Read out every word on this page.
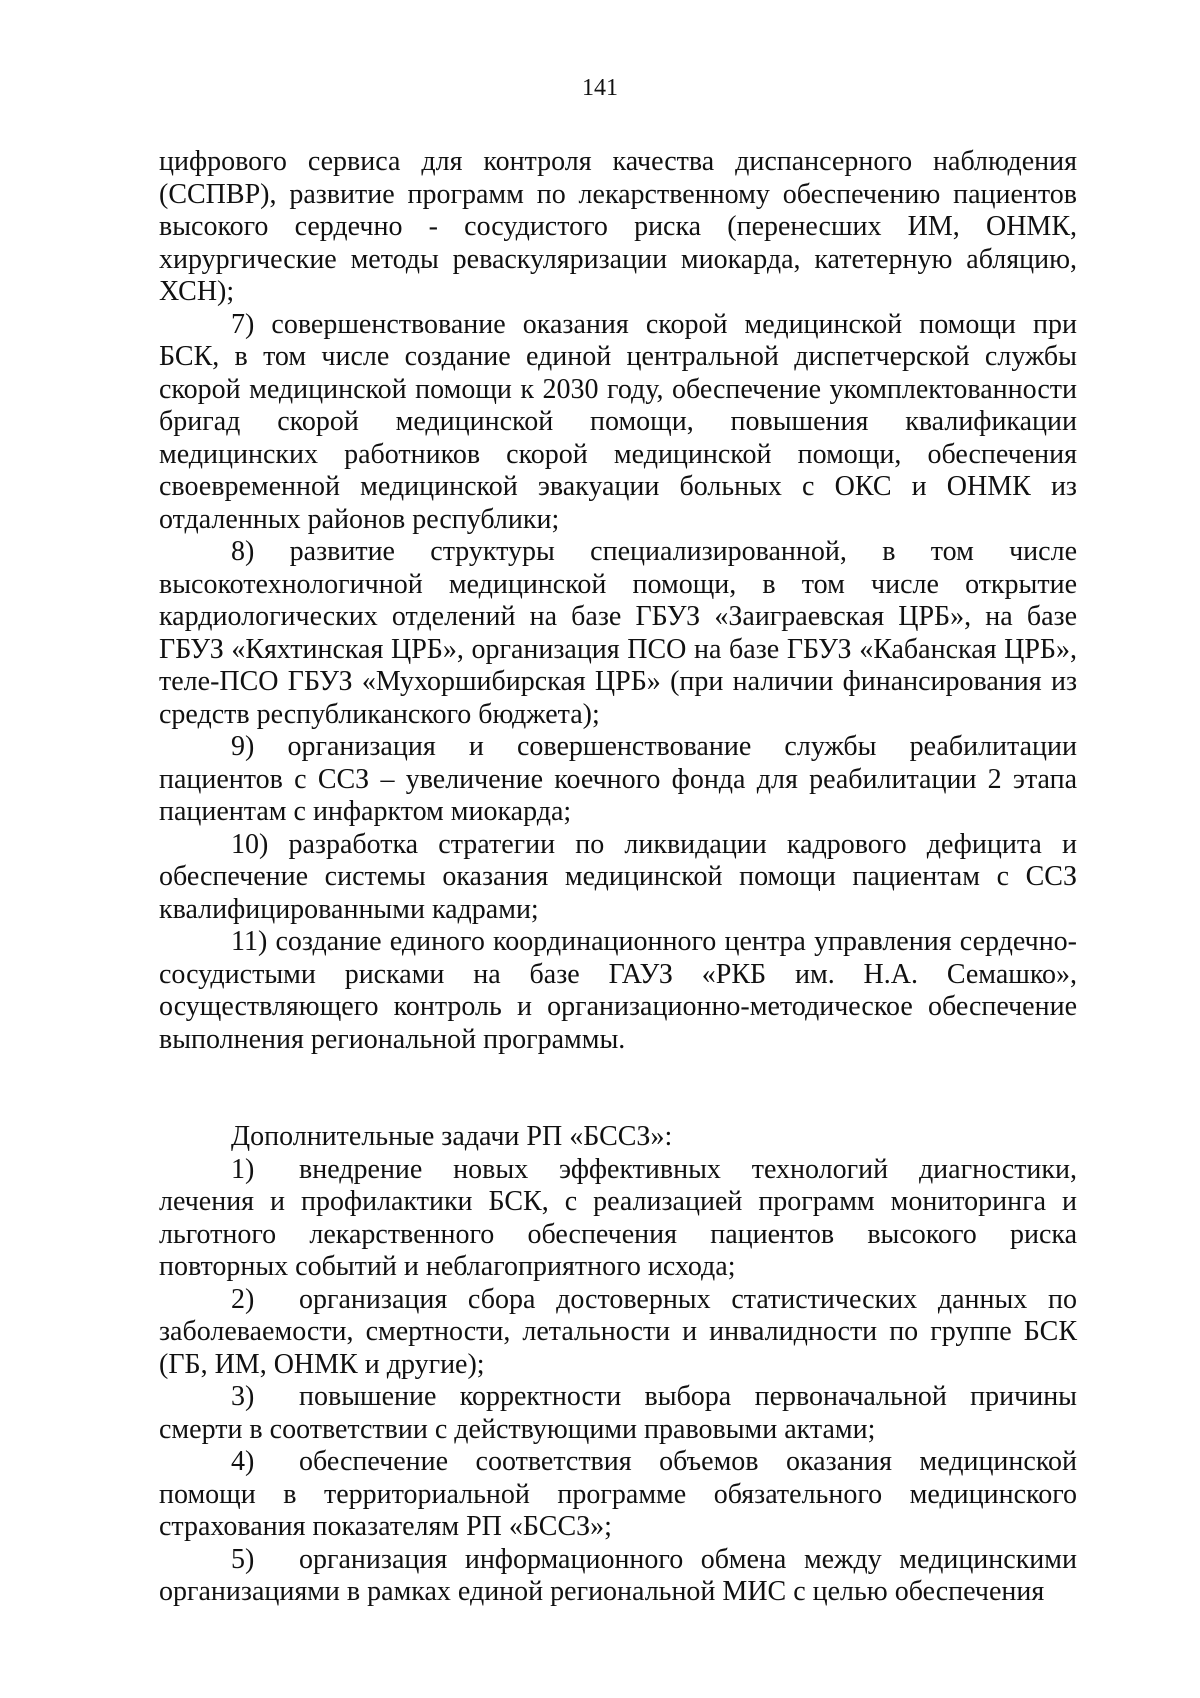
141

цифрового сервиса для контроля качества диспансерного наблюдения (ССПВР), развитие программ по лекарственному обеспечению пациентов высокого сердечно - сосудистого риска (перенесших ИМ, ОНМК, хирургические методы реваскуляризации миокарда, катетерную абляцию, ХСН);

7) совершенствование оказания скорой медицинской помощи при БСК, в том числе создание единой центральной диспетчерской службы скорой медицинской помощи к 2030 году, обеспечение укомплектованности бригад скорой медицинской помощи, повышения квалификации медицинских работников скорой медицинской помощи, обеспечения своевременной медицинской эвакуации больных с ОКС и ОНМК из отдаленных районов республики;

8) развитие структуры специализированной, в том числе высокотехнологичной медицинской помощи, в том числе открытие кардиологических отделений на базе ГБУЗ «Заиграевская ЦРБ», на базе ГБУЗ «Кяхтинская ЦРБ», организация ПСО на базе ГБУЗ «Кабанская ЦРБ», теле-ПСО ГБУЗ «Мухоршибирская ЦРБ» (при наличии финансирования из средств республиканского бюджета);

9) организация и совершенствование службы реабилитации пациентов с ССЗ – увеличение коечного фонда для реабилитации 2 этапа пациентам с инфарктом миокарда;

10) разработка стратегии по ликвидации кадрового дефицита и обеспечение системы оказания медицинской помощи пациентам с ССЗ квалифицированными кадрами;

11) создание единого координационного центра управления сердечно-сосудистыми рисками на базе ГАУЗ «РКБ им. Н.А. Семашко», осуществляющего контроль и организационно-методическое обеспечение выполнения региональной программы.

Дополнительные задачи РП «БССЗ»:

1) внедрение новых эффективных технологий диагностики, лечения и профилактики БСК, с реализацией программ мониторинга и льготного лекарственного обеспечения пациентов высокого риска повторных событий и неблагоприятного исхода;

2) организация сбора достоверных статистических данных по заболеваемости, смертности, летальности и инвалидности по группе БСК (ГБ, ИМ, ОНМК и другие);

3) повышение корректности выбора первоначальной причины смерти в соответствии с действующими правовыми актами;

4) обеспечение соответствия объемов оказания медицинской помощи в территориальной программе обязательного медицинского страхования показателям РП «БССЗ»;

5) организация информационного обмена между медицинскими организациями в рамках единой региональной МИС с целью обеспечения
